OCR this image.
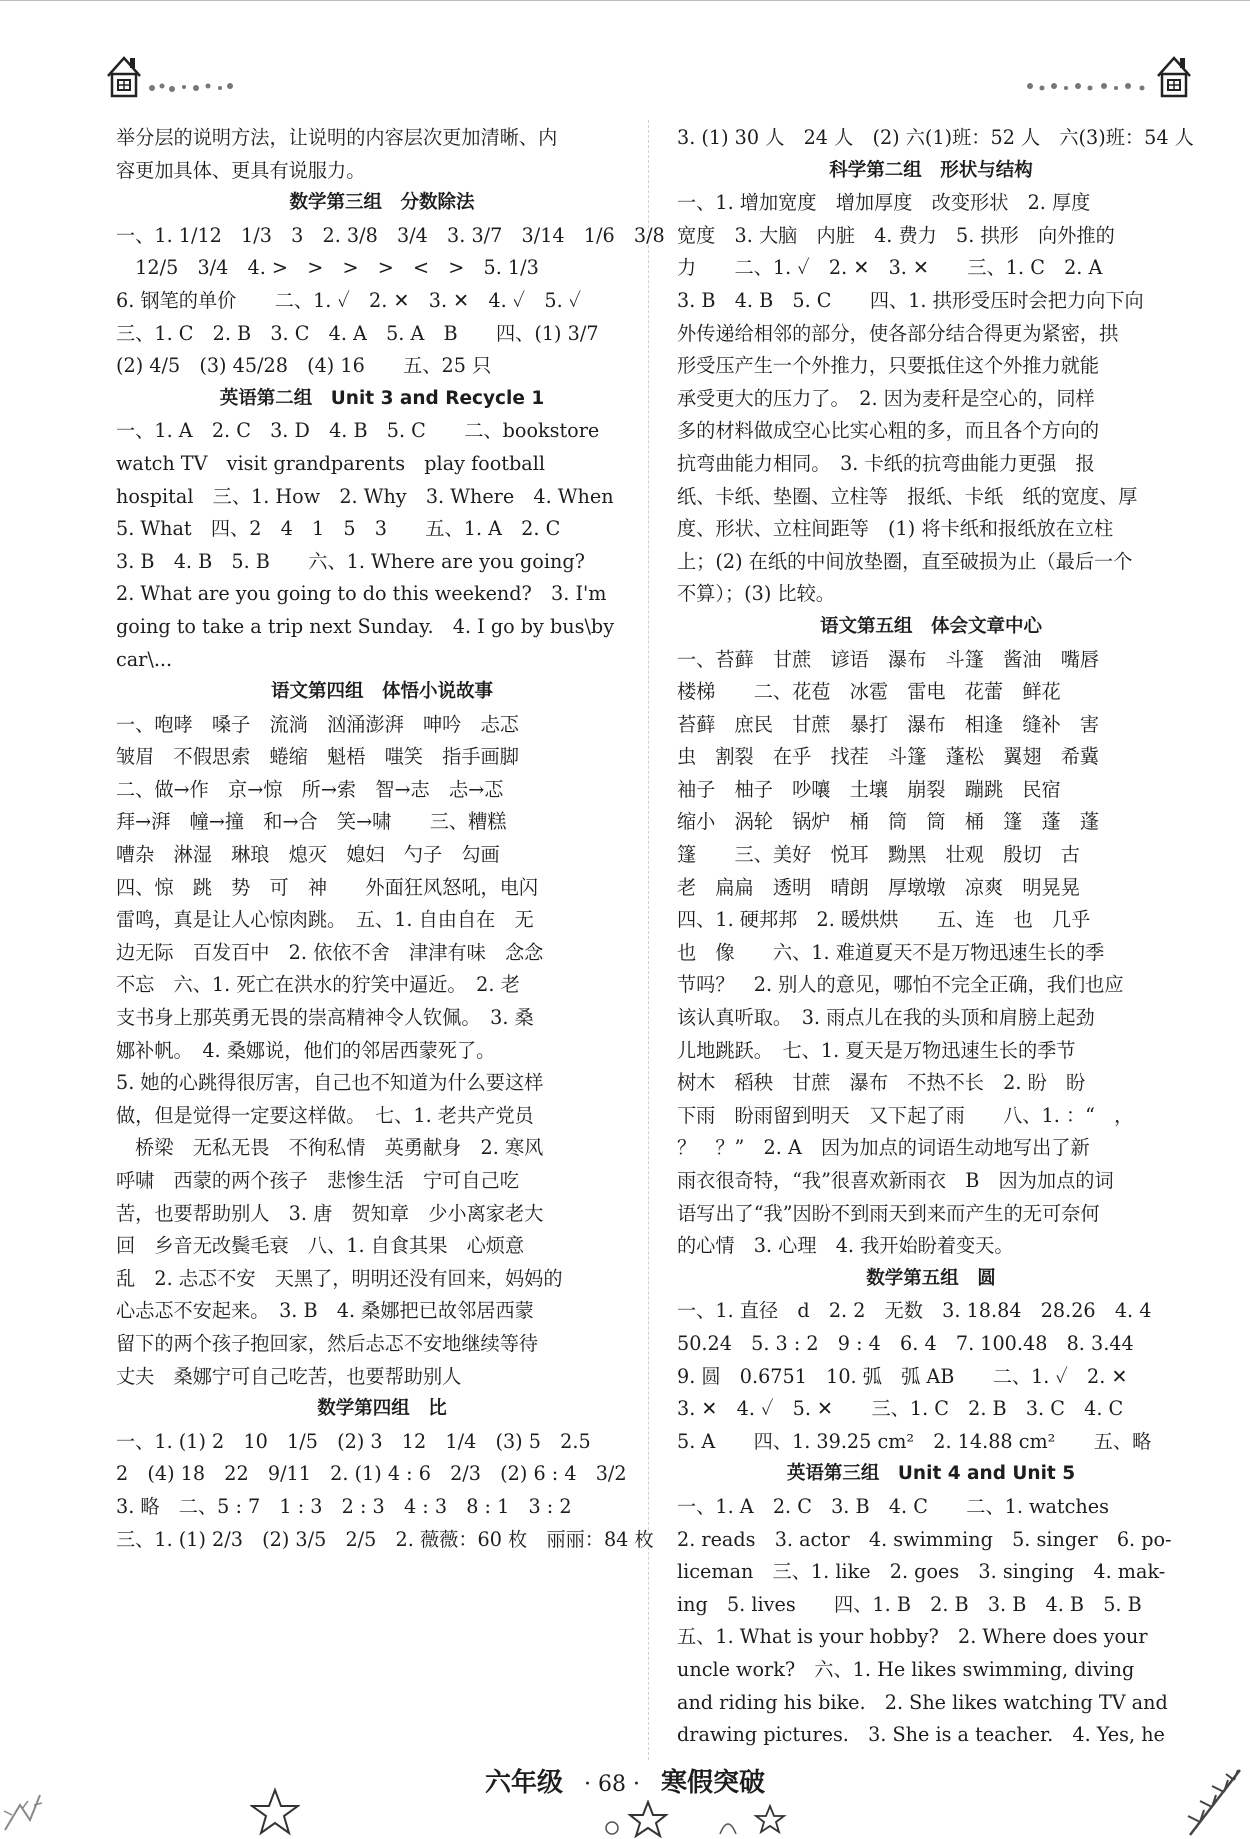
举分层的说明方法，让说明的内容层次更加清晰、内
容更加具体、更具有说服力。
数学第三组　分数除法
一、1. 1/12　1/3　3　2. 3/8　3/4　3. 3/7　3/14　1/6　3/8
　12/5　3/4　4. >　>　>　>　<　>　5. 1/3
6. 钢笔的单价　　二、1. ✓　2. ✕　3. ✕　4. ✓　5. ✓
三、1. C　2. B　3. C　4. A　5. A　B　　四、(1) 3/7
(2) 4/5　(3) 45/28　(4) 16　　五、25 只
英语第二组　Unit 3 and Recycle 1
一、1. A　2. C　3. D　4. B　5. C　　二、bookstore
watch TV　visit grandparents　play football
hospital　三、1. How　2. Why　3. Where　4. When
5. What　四、2　4　1　5　3　　五、1. A　2. C
3. B　4. B　5. B　　六、1. Where are you going?
2. What are you going to do this weekend?　3. I'm
going to take a trip next Sunday.　4. I go by bus\by
car\...
语文第四组　体悟小说故事
一、咆哮　嗓子　流淌　汹涌澎湃　呻吟　忐忑
皱眉　不假思索　蜷缩　魁梧　嗤笑　指手画脚
二、做→作　京→惊　所→索　智→志　忐→忑
拜→湃　幢→撞　和→合　笑→啸　　三、糟糕
嘈杂　淋湿　琳琅　熄灭　媳妇　勺子　勾画
四、惊　跳　势　可　神　　外面狂风怒吼，电闪
雷鸣，真是让人心惊肉跳。　五、1. 自由自在　无
边无际　百发百中　2. 依依不舍　津津有味　念念
不忘　六、1. 死亡在洪水的狞笑中逼近。　2. 老
支书身上那英勇无畏的崇高精神令人钦佩。　3. 桑
娜补帆。　4. 桑娜说，他们的邻居西蒙死了。
5. 她的心跳得很厉害，自己也不知道为什么要这样
做，但是觉得一定要这样做。　七、1. 老共产党员
　桥梁　无私无畏　不徇私情　英勇献身　2. 寒风
呼啸　西蒙的两个孩子　悲惨生活　宁可自己吃
苦，也要帮助别人　3. 唐　贺知章　少小离家老大
回　乡音无改鬓毛衰　八、1. 自食其果　心烦意
乱　2. 忐忑不安　天黑了，明明还没有回来，妈妈的
心忐忑不安起来。　3. B　4. 桑娜把已故邻居西蒙
留下的两个孩子抱回家，然后忐忑不安地继续等待
丈夫　桑娜宁可自己吃苦，也要帮助别人
数学第四组　比
一、1. (1) 2　10　1/5　(2) 3　12　1/4　(3) 5　2.5
2　(4) 18　22　9/11　2. (1) 4 : 6　2/3　(2) 6 : 4　3/2
3. 略　二、5 : 7　1 : 3　2 : 3　4 : 3　8 : 1　3 : 2
三、1. (1) 2/3　(2) 3/5　2/5　2. 薇薇：60 枚　丽丽：84 枚
3. (1) 30 人　24 人　(2) 六(1)班：52 人　六(3)班：54 人
科学第二组　形状与结构
一、1. 增加宽度　增加厚度　改变形状　2. 厚度
宽度　3. 大脑　内脏　4. 费力　5. 拱形　向外推的
力　　二、1. ✓　2. ✕　3. ✕　　三、1. C　2. A
3. B　4. B　5. C　　四、1. 拱形受压时会把力向下向
外传递给相邻的部分，使各部分结合得更为紧密，拱
形受压产生一个外推力，只要抵住这个外推力就能
承受更大的压力了。　2. 因为麦秆是空心的，同样
多的材料做成空心比实心粗的多，而且各个方向的
抗弯曲能力相同。　3. 卡纸的抗弯曲能力更强　报
纸、卡纸、垫圈、立柱等　报纸、卡纸　纸的宽度、厚
度、形状、立柱间距等　(1) 将卡纸和报纸放在立柱
上；(2) 在纸的中间放垫圈，直至破损为止（最后一个
不算）；(3) 比较。
语文第五组　体会文章中心
一、苔藓　甘蔗　谚语　瀑布　斗篷　酱油　嘴唇
楼梯　　二、花苞　冰雹　雷电　花蕾　鲜花
苔藓　庶民　甘蔗　暴打　瀑布　相逢　缝补　害
虫　割裂　在乎　找茬　斗篷　蓬松　翼翅　希冀
袖子　柚子　吵嚷　土壤　崩裂　蹦跳　民宿
缩小　涡轮　锅炉　桶　筒　筒　桶　篷　蓬　蓬
篷　　三、美好　悦耳　黝黑　壮观　殷切　古
老　扁扁　透明　晴朗　厚墩墩　凉爽　明晃晃
四、1. 硬邦邦　2. 暖烘烘　　五、连　也　几乎
也　像　　六、1. 难道夏天不是万物迅速生长的季
节吗？　2. 别人的意见，哪怕不完全正确，我们也应
该认真听取。　3. 雨点儿在我的头顶和肩膀上起劲
儿地跳跃。　七、1. 夏天是万物迅速生长的季节
树木　稻秧　甘蔗　瀑布　不热不长　2. 盼　盼
下雨　盼雨留到明天　又下起了雨　　八、1. ：“　，
？　？”　2. A　因为加点的词语生动地写出了新
雨衣很奇特，“我”很喜欢新雨衣　B　因为加点的词
语写出了“我”因盼不到雨天到来而产生的无可奈何
的心情　3. 心理　4. 我开始盼着变天。
数学第五组　圆
一、1. 直径　d　2. 2　无数　3. 18.84　28.26　4. 4
50.24　5. 3 : 2　9 : 4　6. 4　7. 100.48　8. 3.44
9. 圆　0.6751　10. 弧　弧 AB　　二、1. ✓　2. ✕
3. ✕　4. ✓　5. ✕　　三、1. C　2. B　3. C　4. C
5. A　　四、1. 39.25 cm²　2. 14.88 cm²　　五、略
英语第三组　Unit 4 and Unit 5
一、1. A　2. C　3. B　4. C　　二、1. watches
2. reads　3. actor　4. swimming　5. singer　6. po-
liceman　三、1. like　2. goes　3. singing　4. mak-
ing　5. lives　　四、1. B　2. B　3. B　4. B　5. B
五、1. What is your hobby?　2. Where does your
uncle work?　六、1. He likes swimming, diving
and riding his bike.　2. She likes watching TV and
drawing pictures.　3. She is a teacher.　4. Yes, he
六年级 · 68 · 寒假突破
